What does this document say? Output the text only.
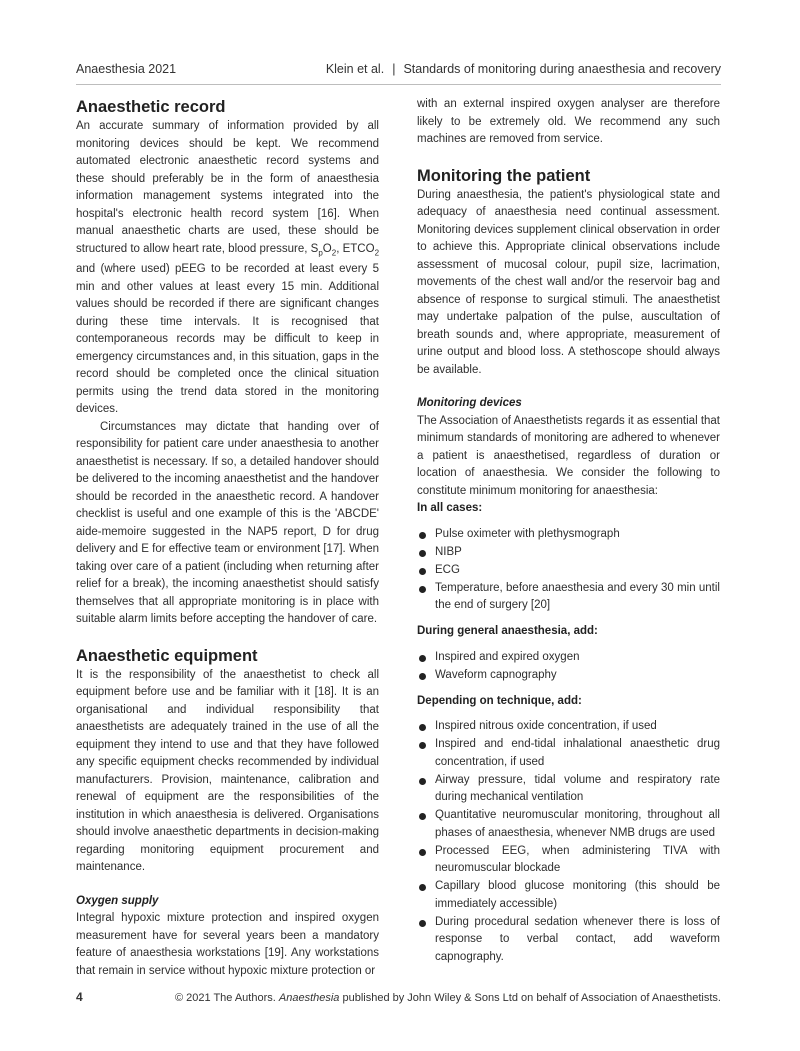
Anaesthesia 2021	Klein et al. | Standards of monitoring during anaesthesia and recovery
Anaesthetic record

An accurate summary of information provided by all monitoring devices should be kept. We recommend automated electronic anaesthetic record systems and these should preferably be in the form of anaesthesia information management systems integrated into the hospital's electronic health record system [16]. When manual anaesthetic charts are used, these should be structured to allow heart rate, blood pressure, $S_pO_2$, $ETCO_2$ and (where used) pEEG to be recorded at least every 5 min and other values at least every 15 min. Additional values should be recorded if there are significant changes during these time intervals. It is recognised that contemporaneous records may be difficult to keep in emergency circumstances and, in this situation, gaps in the record should be completed once the clinical situation permits using the trend data stored in the monitoring devices.

Circumstances may dictate that handing over of responsibility for patient care under anaesthesia to another anaesthetist is necessary. If so, a detailed handover should be delivered to the incoming anaesthetist and the handover should be recorded in the anaesthetic record. A handover checklist is useful and one example of this is the 'ABCDE' aide-memoire suggested in the NAP5 report, D for drug delivery and E for effective team or environment [17]. When taking over care of a patient (including when returning after relief for a break), the incoming anaesthetist should satisfy themselves that all appropriate monitoring is in place with suitable alarm limits before accepting the handover of care.

Anaesthetic equipment

It is the responsibility of the anaesthetist to check all equipment before use and be familiar with it [18]. It is an organisational and individual responsibility that anaesthetists are adequately trained in the use of all the equipment they intend to use and that they have followed any specific equipment checks recommended by individual manufacturers. Provision, maintenance, calibration and renewal of equipment are the responsibilities of the institution in which anaesthesia is delivered. Organisations should involve anaesthetic departments in decision-making regarding monitoring equipment procurement and maintenance.

Oxygen supply

Integral hypoxic mixture protection and inspired oxygen measurement have for several years been a mandatory feature of anaesthesia workstations [19]. Any workstations that remain in service without hypoxic mixture protection or

with an external inspired oxygen analyser are therefore likely to be extremely old. We recommend any such machines are removed from service.

Monitoring the patient

During anaesthesia, the patient's physiological state and adequacy of anaesthesia need continual assessment. Monitoring devices supplement clinical observation in order to achieve this. Appropriate clinical observations include assessment of mucosal colour, pupil size, lacrimation, movements of the chest wall and/or the reservoir bag and absence of response to surgical stimuli. The anaesthetist may undertake palpation of the pulse, auscultation of breath sounds and, where appropriate, measurement of urine output and blood loss. A stethoscope should always be available.

Monitoring devices

The Association of Anaesthetists regards it as essential that minimum standards of monitoring are adhered to whenever a patient is anaesthetised, regardless of duration or location of anaesthesia. We consider the following to constitute minimum monitoring for anaesthesia:

In all cases:
Pulse oximeter with plethysmograph
NIBP
ECG
Temperature, before anaesthesia and every 30 min until the end of surgery [20]
During general anaesthesia, add:
Inspired and expired oxygen
Waveform capnography
Depending on technique, add:
Inspired nitrous oxide concentration, if used
Inspired and end-tidal inhalational anaesthetic drug concentration, if used
Airway pressure, tidal volume and respiratory rate during mechanical ventilation
Quantitative neuromuscular monitoring, throughout all phases of anaesthesia, whenever NMB drugs are used
Processed EEG, when administering TIVA with neuromuscular blockade
Capillary blood glucose monitoring (this should be immediately accessible)
During procedural sedation whenever there is loss of response to verbal contact, add waveform capnography.
4	© 2021 The Authors. Anaesthesia published by John Wiley & Sons Ltd on behalf of Association of Anaesthetists.
